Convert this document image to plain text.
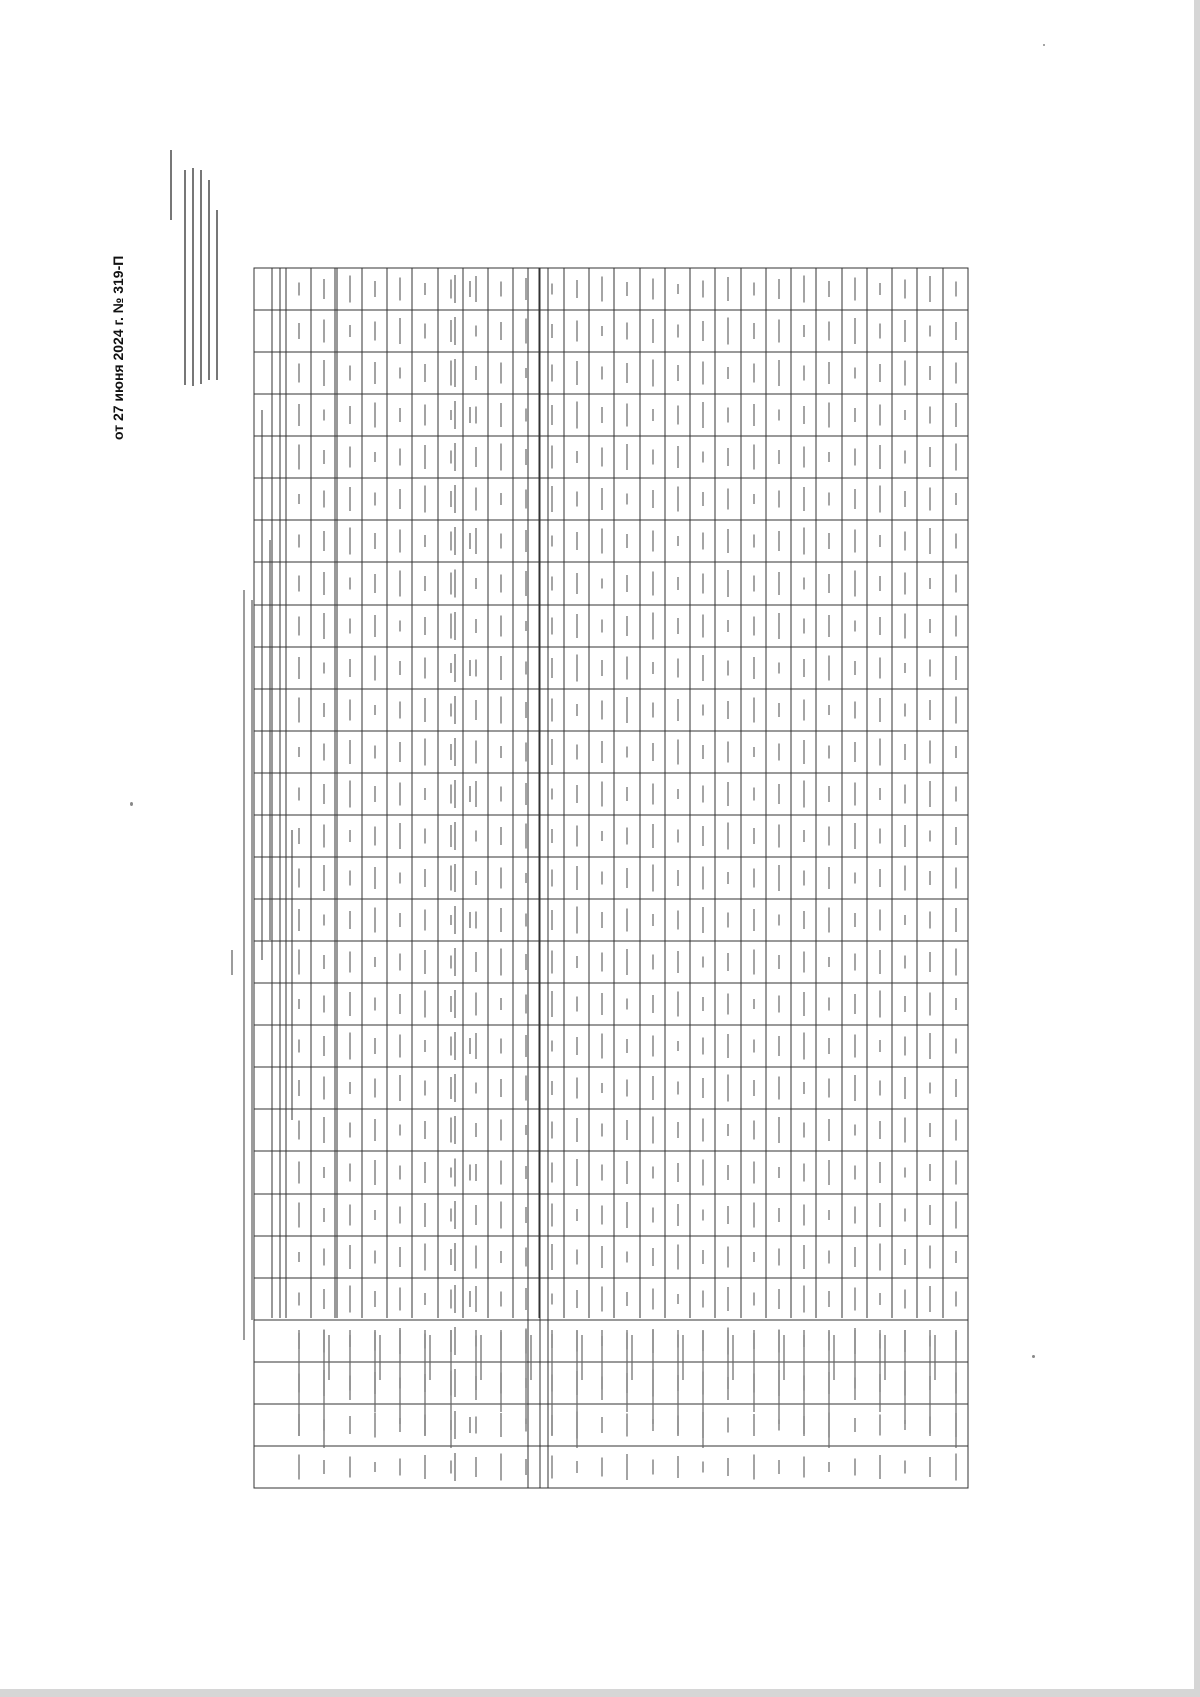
от 27 июня 2024 г. № 319-П
